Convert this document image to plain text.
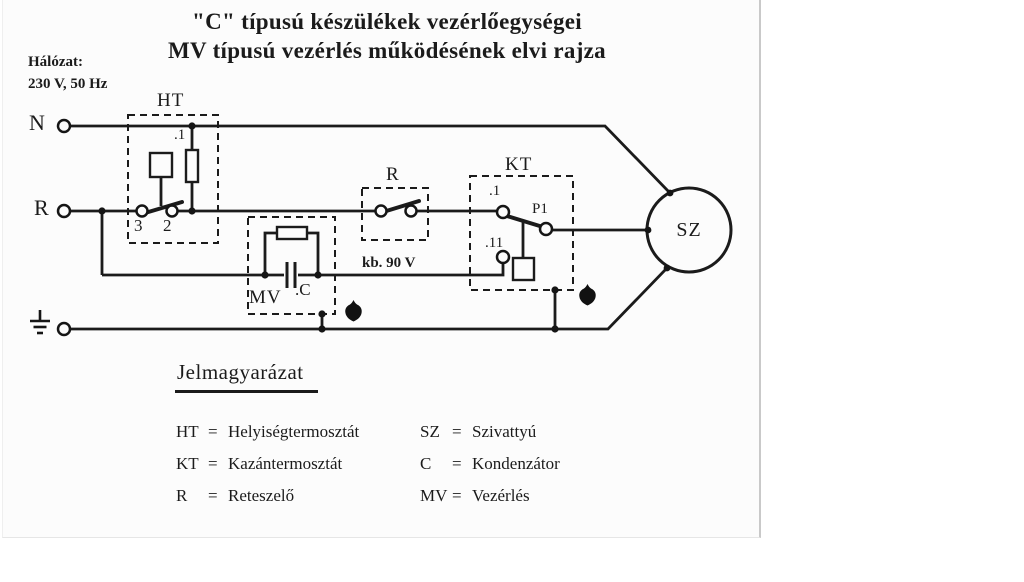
"C" típusú készülékek vezérlőegységei
MV típusú vezérlés működésének elvi rajza
Hálózat:
230 V, 50 Hz
N
R
HT
R	KT
MV
.1
3 2
.1
P1
.11
.C
kb. 90 V
SZ
Jelmagyarázat
HT = Helyiségtermosztát
KT = Kazántermosztát
R	= Reteszelő
SZ = Szivattyú
C	= Kondenzátor
MV = Vezérlés
